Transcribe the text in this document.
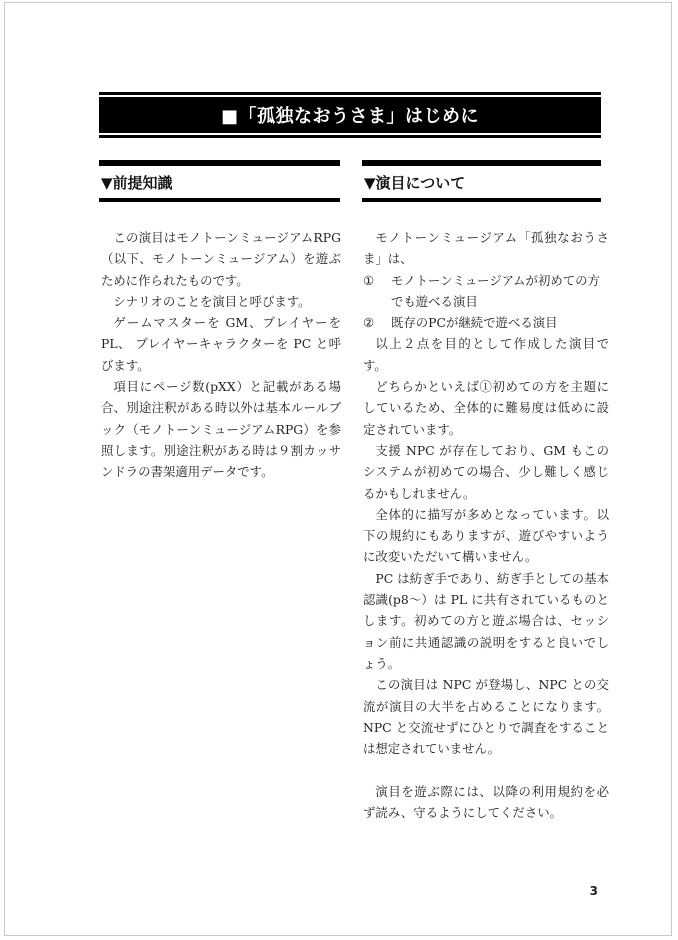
■「孤独なおうさま」はじめに
▼前提知識	▼演目について

この演目はモノトーンミュージアムRPG（以下、モノトーンミュージアム）を遊ぶために作られたものです。

シナリオのことを演目と呼びます。

ゲームマスターを GM、プレイヤーを PL、 プレイヤーキャラクターを PC と呼びます。

項目にページ数(pXX）と記載がある場合、別途注釈がある時以外は基本ルールブック（モノトーンミュージアムRPG）を参照します。別途注釈がある時は９割カッサンドラの書架適用データです。

モノトーンミュージアム「孤独なおうさま」は、

①	モノトーンミュージアムが初めての方でも遊べる演目
②	既存のPCが継続で遊べる演目

以上２点を目的として作成した演目です。

どちらかといえば①初めての方を主題にしているため、全体的に難易度は低めに設定されています。

支援 NPC が存在しており、GM もこのシステムが初めての場合、少し難しく感じるかもしれません。

全体的に描写が多めとなっています。以下の規約にもありますが、遊びやすいように改変いただいて構いません。

PC は紡ぎ手であり、紡ぎ手としての基本認識(p8～）は PL に共有されているものとします。初めての方と遊ぶ場合は、セッション前に共通認識の説明をすると良いでしょう。

この演目は NPC が登場し、NPC との交流が演目の大半を占めることになります。NPC と交流せずにひとりで調査をすることは想定されていません。

演目を遊ぶ際には、以降の利用規約を必ず読み、守るようにしてください。

3
